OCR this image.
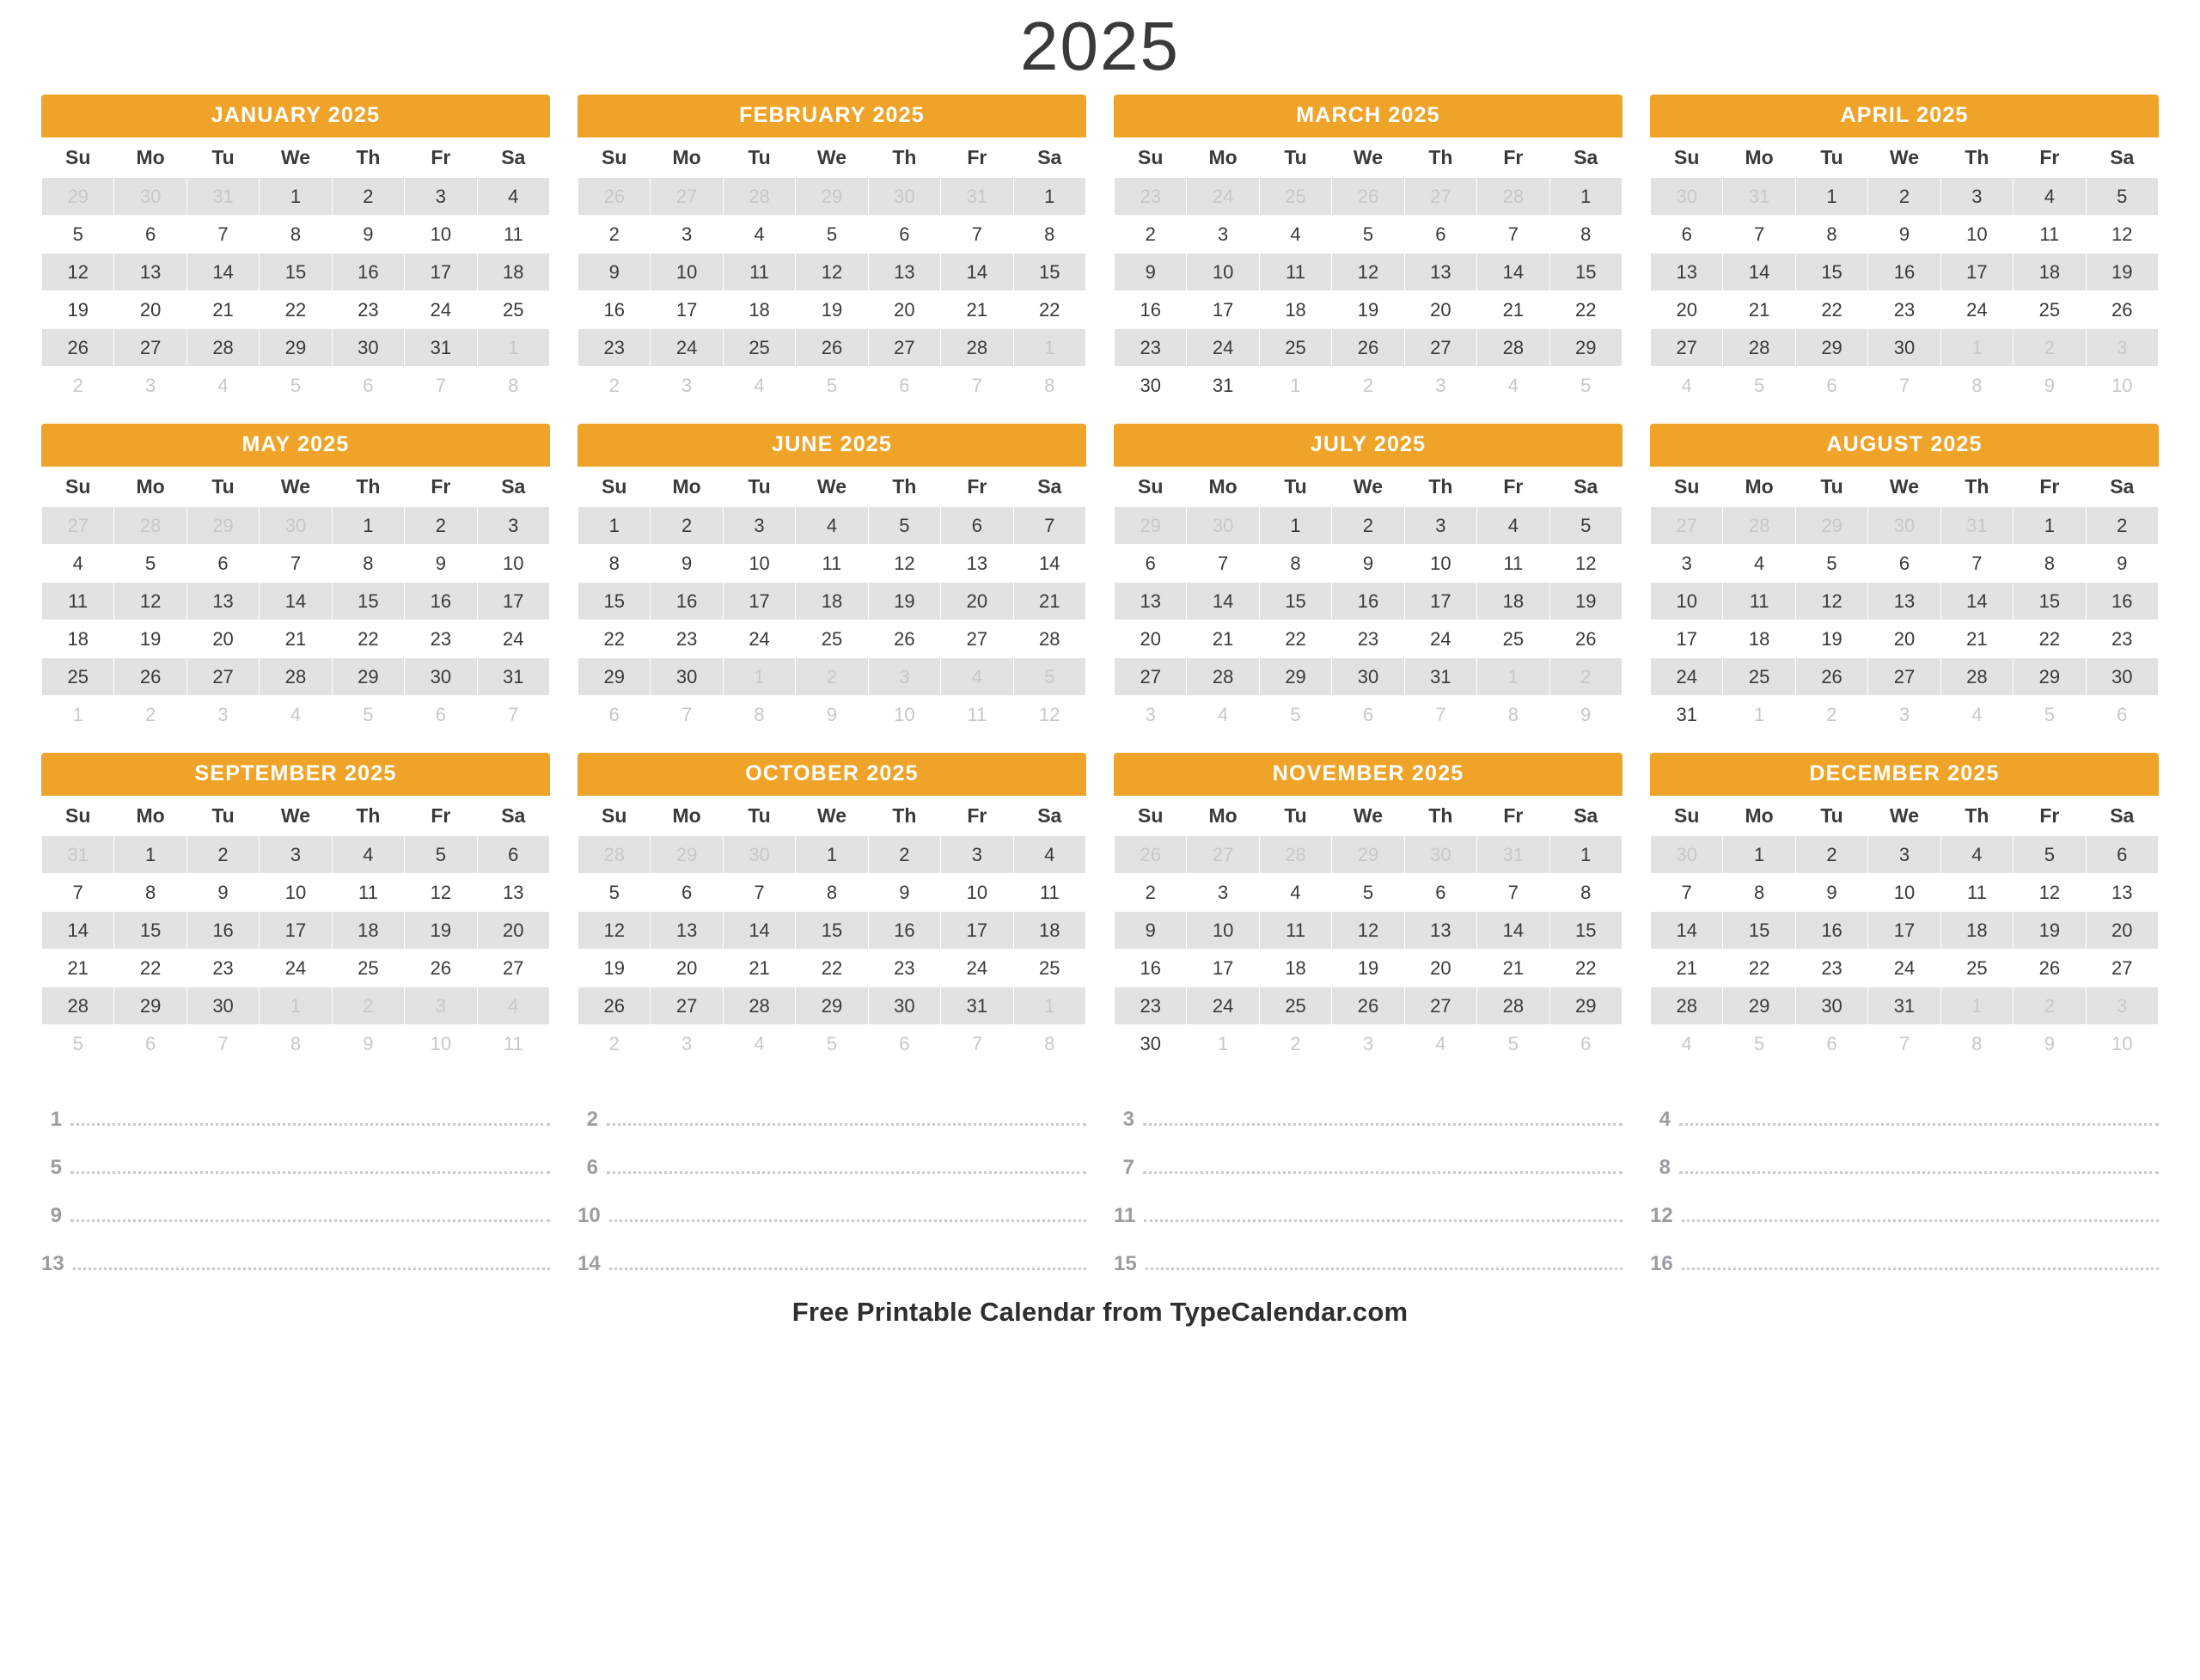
2025
JANUARY 2025
Su	Mo	Tu	We	Th	Fr	Sa
29	30	31	1	2	3	4
5	6	7	8	9	10	11
12	13	14	15	16	17	18
19	20	21	22	23	24	25
26	27	28	29	30	31	1
2	3	4	5	6	7	8
FEBRUARY 2025
Su	Mo	Tu	We	Th	Fr	Sa
26	27	28	29	30	31	1
2	3	4	5	6	7	8
9	10	11	12	13	14	15
16	17	18	19	20	21	22
23	24	25	26	27	28	1
2	3	4	5	6	7	8
MARCH 2025
Su	Mo	Tu	We	Th	Fr	Sa
23	24	25	26	27	28	1
2	3	4	5	6	7	8
9	10	11	12	13	14	15
16	17	18	19	20	21	22
23	24	25	26	27	28	29
30	31	1	2	3	4	5
APRIL 2025
Su	Mo	Tu	We	Th	Fr	Sa
30	31	1	2	3	4	5
6	7	8	9	10	11	12
13	14	15	16	17	18	19
20	21	22	23	24	25	26
27	28	29	30	1	2	3
4	5	6	7	8	9	10
MAY 2025
Su	Mo	Tu	We	Th	Fr	Sa
27	28	29	30	1	2	3
4	5	6	7	8	9	10
11	12	13	14	15	16	17
18	19	20	21	22	23	24
25	26	27	28	29	30	31
1	2	3	4	5	6	7
JUNE 2025
Su	Mo	Tu	We	Th	Fr	Sa
1	2	3	4	5	6	7
8	9	10	11	12	13	14
15	16	17	18	19	20	21
22	23	24	25	26	27	28
29	30	1	2	3	4	5
6	7	8	9	10	11	12
JULY 2025
Su	Mo	Tu	We	Th	Fr	Sa
29	30	1	2	3	4	5
6	7	8	9	10	11	12
13	14	15	16	17	18	19
20	21	22	23	24	25	26
27	28	29	30	31	1	2
3	4	5	6	7	8	9
AUGUST 2025
Su	Mo	Tu	We	Th	Fr	Sa
27	28	29	30	31	1	2
3	4	5	6	7	8	9
10	11	12	13	14	15	16
17	18	19	20	21	22	23
24	25	26	27	28	29	30
31	1	2	3	4	5	6
SEPTEMBER 2025
Su	Mo	Tu	We	Th	Fr	Sa
31	1	2	3	4	5	6
7	8	9	10	11	12	13
14	15	16	17	18	19	20
21	22	23	24	25	26	27
28	29	30	1	2	3	4
5	6	7	8	9	10	11
OCTOBER 2025
Su	Mo	Tu	We	Th	Fr	Sa
28	29	30	1	2	3	4
5	6	7	8	9	10	11
12	13	14	15	16	17	18
19	20	21	22	23	24	25
26	27	28	29	30	31	1
2	3	4	5	6	7	8
NOVEMBER 2025
Su	Mo	Tu	We	Th	Fr	Sa
26	27	28	29	30	31	1
2	3	4	5	6	7	8
9	10	11	12	13	14	15
16	17	18	19	20	21	22
23	24	25	26	27	28	29
30	1	2	3	4	5	6
DECEMBER 2025
Su	Mo	Tu	We	Th	Fr	Sa
30	1	2	3	4	5	6
7	8	9	10	11	12	13
14	15	16	17	18	19	20
21	22	23	24	25	26	27
28	29	30	31	1	2	3
4	5	6	7	8	9	10
1	2	3	4
5	6	7	8
9	10	11	12
13	14	15	16
Free Printable Calendar from TypeCalendar.com
